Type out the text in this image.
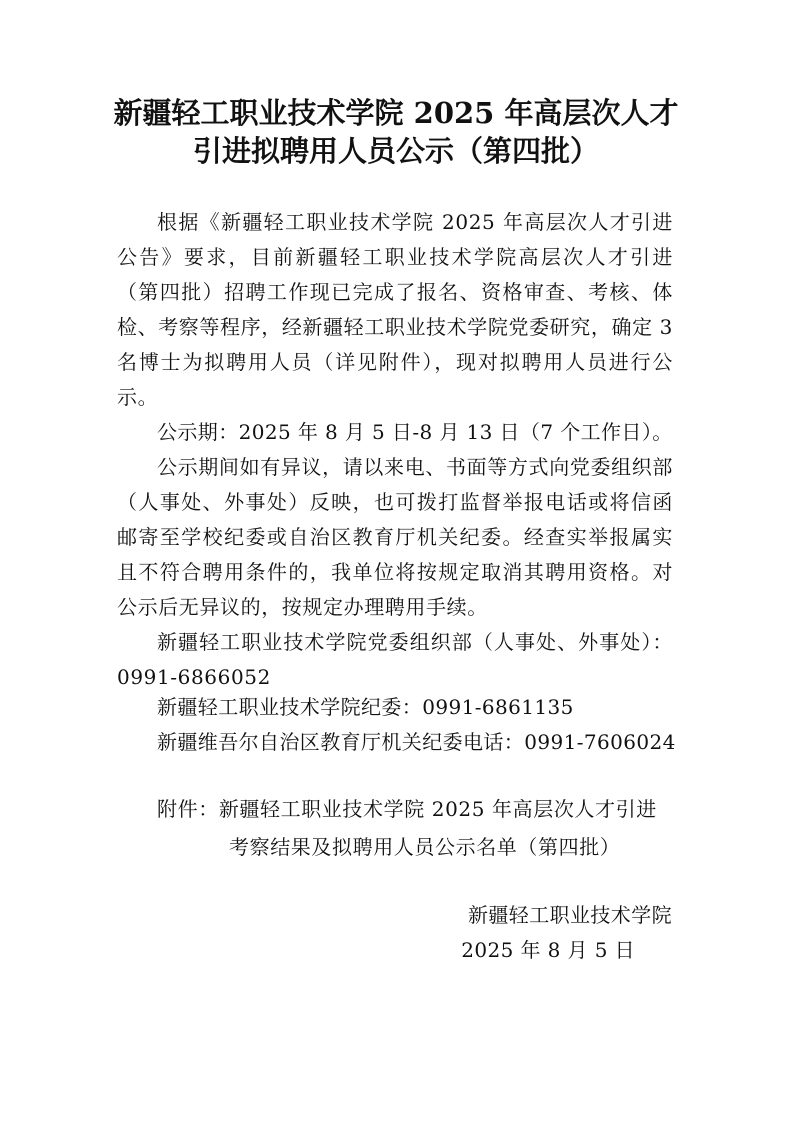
新疆轻工职业技术学院 2025 年高层次人才
引进拟聘用人员公示（第四批）
根据《新疆轻工职业技术学院 2025 年高层次人才引进公告》要求，目前新疆轻工职业技术学院高层次人才引进（第四批）招聘工作现已完成了报名、资格审查、考核、体检、考察等程序，经新疆轻工职业技术学院党委研究，确定 3 名博士为拟聘用人员（详见附件），现对拟聘用人员进行公示。
公示期：2025 年 8 月 5 日-8 月 13 日（7 个工作日）。
公示期间如有异议，请以来电、书面等方式向党委组织部（人事处、外事处）反映，也可拨打监督举报电话或将信函邮寄至学校纪委或自治区教育厅机关纪委。经查实举报属实且不符合聘用条件的，我单位将按规定取消其聘用资格。对公示后无异议的，按规定办理聘用手续。
新疆轻工职业技术学院党委组织部（人事处、外事处）：0991-6866052
新疆轻工职业技术学院纪委：0991-6861135
新疆维吾尔自治区教育厅机关纪委电话：0991-7606024
附件：新疆轻工职业技术学院 2025 年高层次人才引进
考察结果及拟聘用人员公示名单（第四批）
新疆轻工职业技术学院
2025 年 8 月 5 日
